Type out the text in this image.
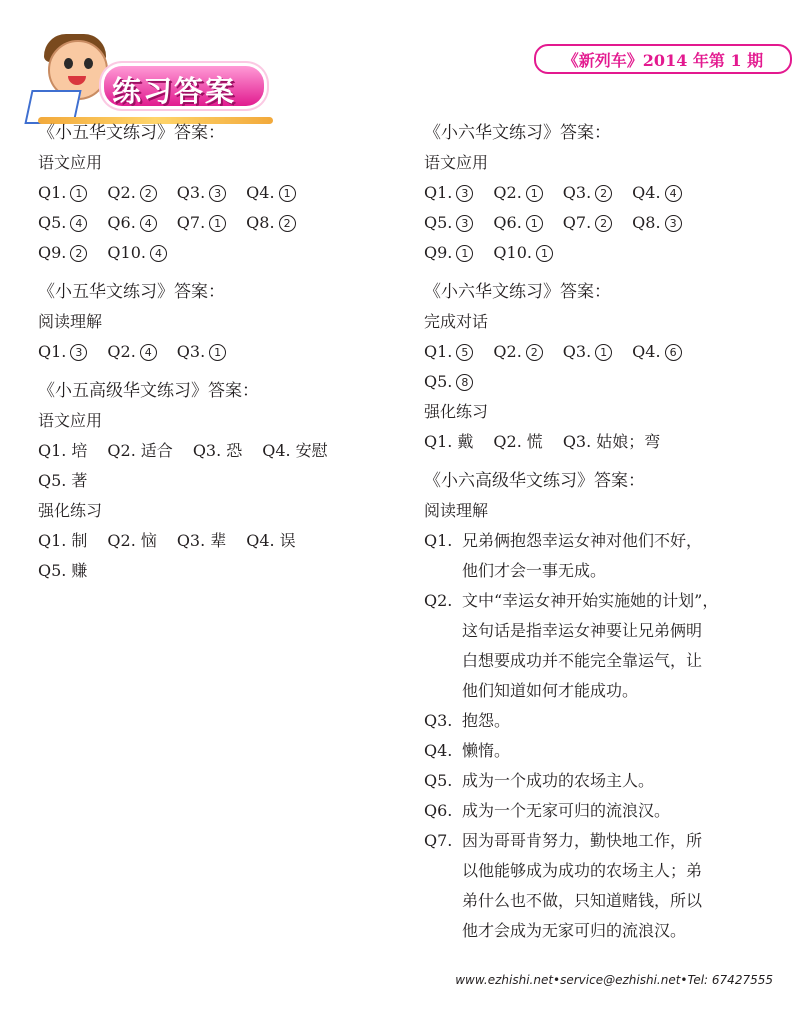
练习答案
《新列车》2014 年第 1 期
《小五华文练习》答案：
语文应用
Q1. 1	Q2. 2	Q3. 3	Q4. 1
Q5. 4	Q6. 4	Q7. 1	Q8. 2
Q9. 2	Q10. 4
《小五华文练习》答案：
阅读理解
Q1. 3	Q2. 4	Q3. 1
《小五高级华文练习》答案：
语文应用
Q1. 培 Q2. 适合 Q3. 恐 Q4. 安慰
Q5. 著
强化练习
Q1. 制 Q2. 恼 Q3. 辈 Q4. 误
Q5. 赚
《小六华文练习》答案：
语文应用
Q1. 3	Q2. 1	Q3. 2	Q4. 4
Q5. 3	Q6. 1	Q7. 2	Q8. 3
Q9. 1	Q10. 1
《小六华文练习》答案：
完成对话
Q1. 5	Q2. 2	Q3. 1	Q4. 6
Q5. 8
强化练习
Q1. 戴 Q2. 慌 Q3. 姑娘；弯
《小六高级华文练习》答案：
阅读理解
Q1. 兄弟俩抱怨幸运女神对他们不好，
他们才会一事无成。
Q2. 文中“幸运女神开始实施她的计划”，
这句话是指幸运女神要让兄弟俩明
白想要成功并不能完全靠运气，让
他们知道如何才能成功。
Q3. 抱怨。
Q4. 懒惰。
Q5. 成为一个成功的农场主人。
Q6. 成为一个无家可归的流浪汉。
Q7. 因为哥哥肯努力，勤快地工作，所
以他能够成为成功的农场主人；弟
弟什么也不做，只知道赌钱，所以
他才会成为无家可归的流浪汉。
www.ezhishi.net•service@ezhishi.net•Tel: 67427555
